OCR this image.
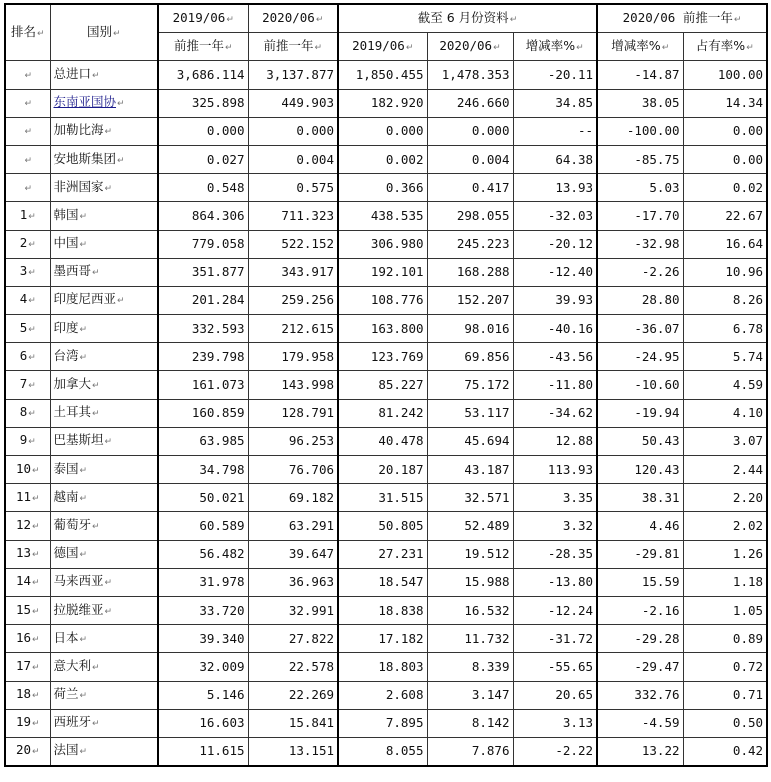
排名↵	国别↵	2019/06↵	2020/06↵	截至 6 月份资料↵			2020/06 前推一年↵	
		前推一年↵	前推一年↵	2019/06↵	2020/06↵	增减率%↵	增减率%↵	占有率%↵
↵	总进口↵	3,686.114	3,137.877	1,850.455	1,478.353	-20.11	-14.87	100.00
↵	东南亚国协↵	325.898	449.903	182.920	246.660	34.85	38.05	14.34
↵	加勒比海↵	0.000	0.000	0.000	0.000	--	-100.00	0.00
↵	安地斯集团↵	0.027	0.004	0.002	0.004	64.38	-85.75	0.00
↵	非洲国家↵	0.548	0.575	0.366	0.417	13.93	5.03	0.02
1↵	韩国↵	864.306	711.323	438.535	298.055	-32.03	-17.70	22.67
2↵	中国↵	779.058	522.152	306.980	245.223	-20.12	-32.98	16.64
3↵	墨西哥↵	351.877	343.917	192.101	168.288	-12.40	-2.26	10.96
4↵	印度尼西亚↵	201.284	259.256	108.776	152.207	39.93	28.80	8.26
5↵	印度↵	332.593	212.615	163.800	98.016	-40.16	-36.07	6.78
6↵	台湾↵	239.798	179.958	123.769	69.856	-43.56	-24.95	5.74
7↵	加拿大↵	161.073	143.998	85.227	75.172	-11.80	-10.60	4.59
8↵	土耳其↵	160.859	128.791	81.242	53.117	-34.62	-19.94	4.10
9↵	巴基斯坦↵	63.985	96.253	40.478	45.694	12.88	50.43	3.07
10↵	泰国↵	34.798	76.706	20.187	43.187	113.93	120.43	2.44
11↵	越南↵	50.021	69.182	31.515	32.571	3.35	38.31	2.20
12↵	葡萄牙↵	60.589	63.291	50.805	52.489	3.32	4.46	2.02
13↵	德国↵	56.482	39.647	27.231	19.512	-28.35	-29.81	1.26
14↵	马来西亚↵	31.978	36.963	18.547	15.988	-13.80	15.59	1.18
15↵	拉脱维亚↵	33.720	32.991	18.838	16.532	-12.24	-2.16	1.05
16↵	日本↵	39.340	27.822	17.182	11.732	-31.72	-29.28	0.89
17↵	意大利↵	32.009	22.578	18.803	8.339	-55.65	-29.47	0.72
18↵	荷兰↵	5.146	22.269	2.608	3.147	20.65	332.76	0.71
19↵	西班牙↵	16.603	15.841	7.895	8.142	3.13	-4.59	0.50
20↵	法国↵	11.615	13.151	8.055	7.876	-2.22	13.22	0.42
